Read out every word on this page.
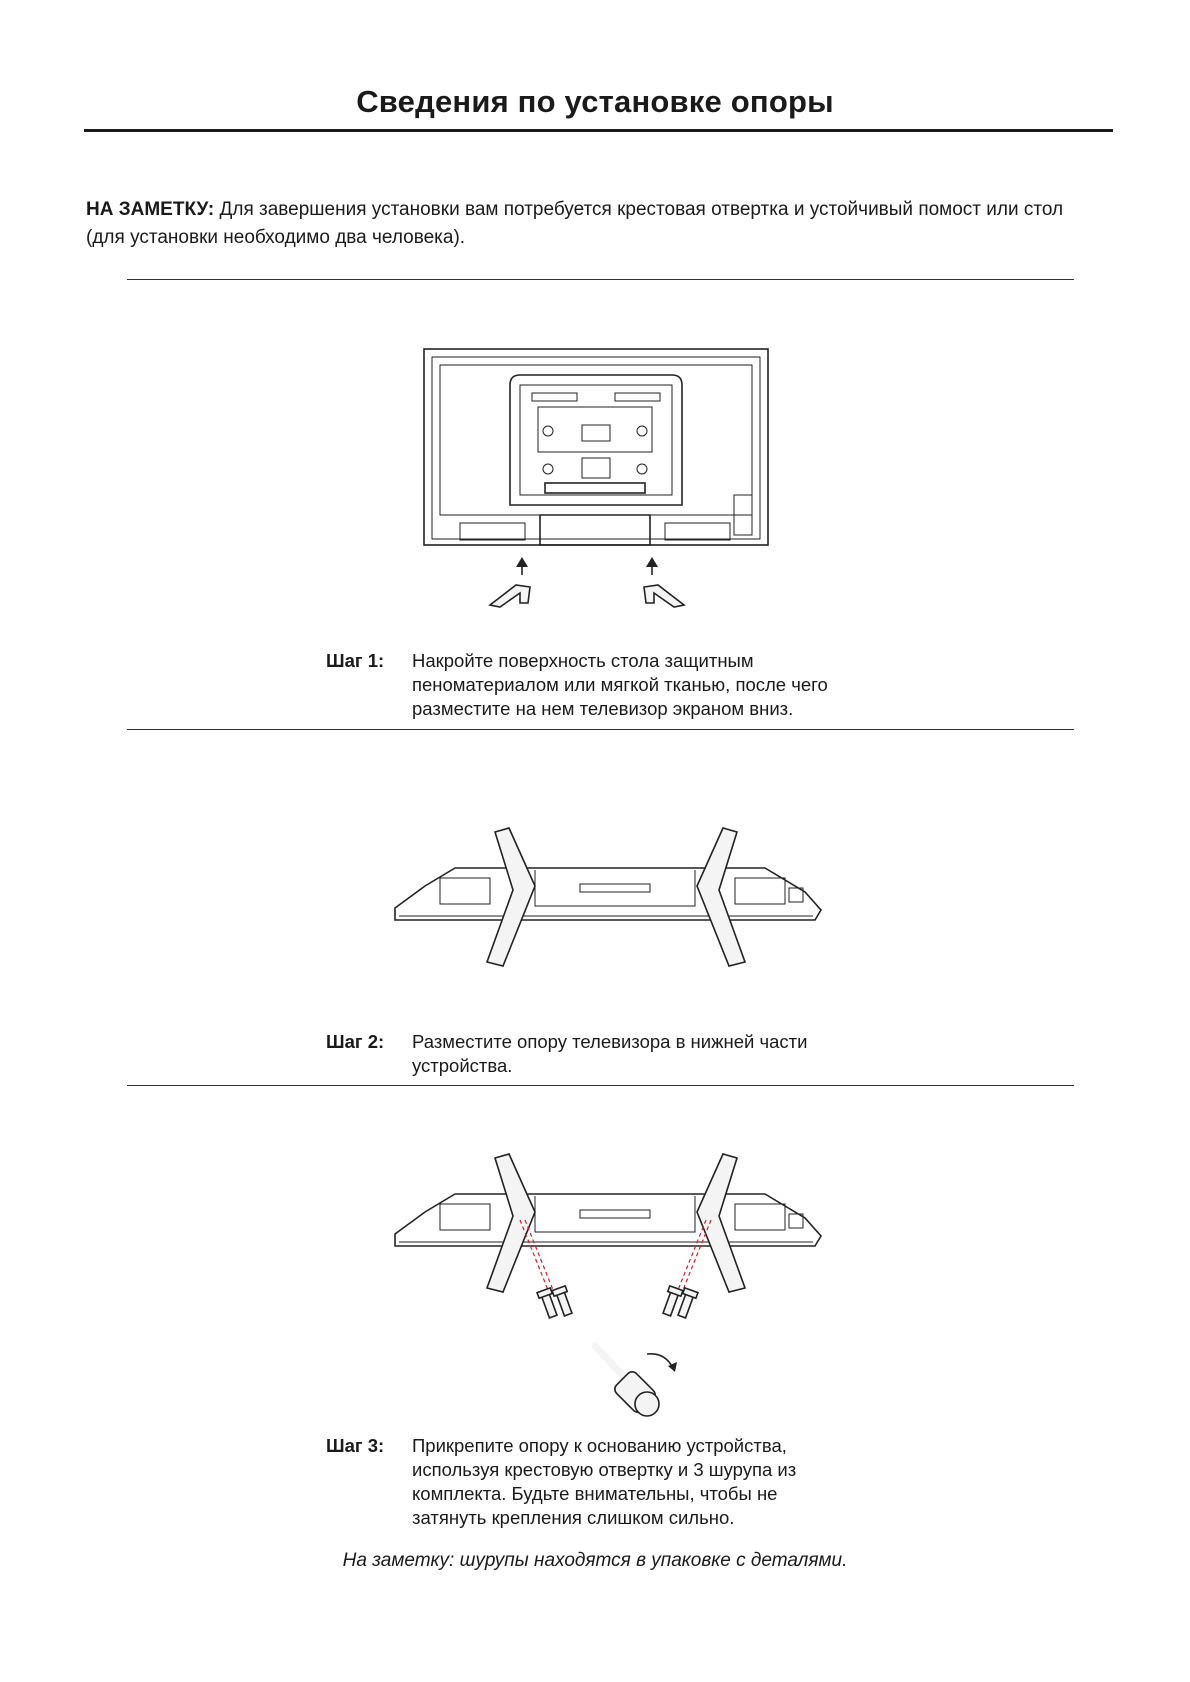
Сведения по установке опоры

НА ЗАМЕТКУ: Для завершения установки вам потребуется крестовая отвертка и устойчивый помост или стол (для установки необходимо два человека).

Шаг 1: Накройте поверхность стола защитным
пеноматериалом или мягкой тканью, после чего
разместите на нем телевизор экраном вниз.
Шаг 2: Разместите опору телевизора в нижней части
устройства.
Шаг 3: Прикрепите опору к основанию устройства,
используя крестовую отвертку и 3 шурупа из
комплекта. Будьте внимательны, чтобы не
затянуть крепления слишком сильно.

На заметку: шурупы находятся в упаковке с деталями.
